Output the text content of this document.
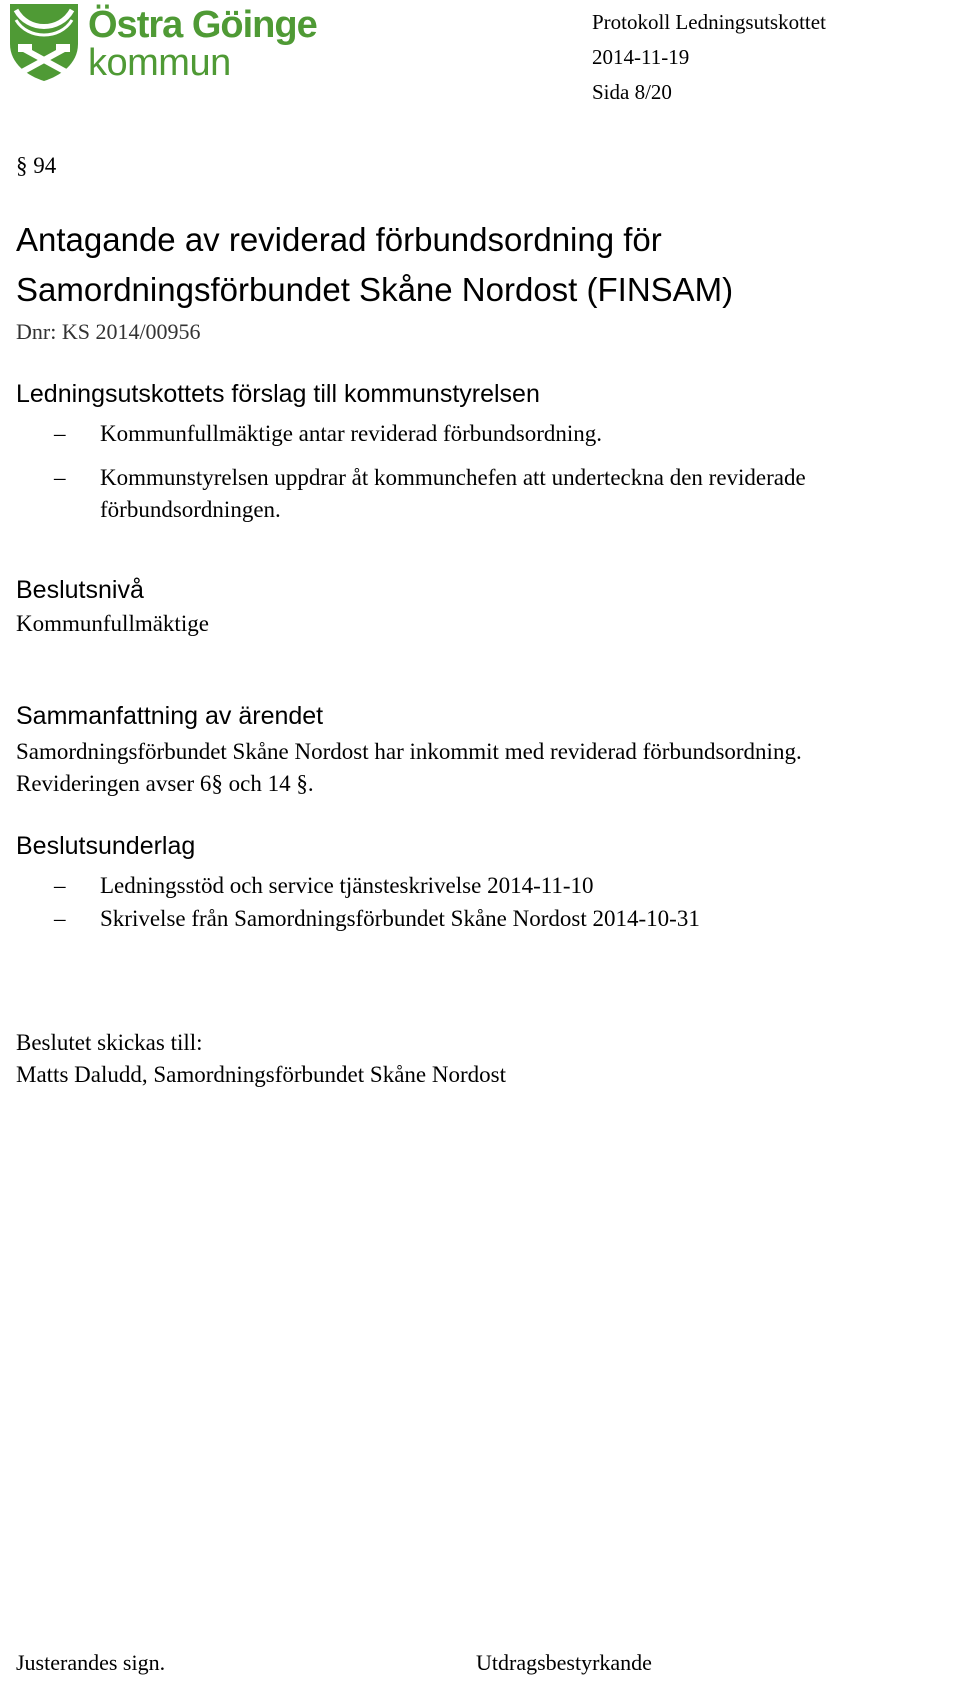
Östra Göinge
kommun
Protokoll Ledningsutskottet
2014-11-19
Sida 8/20
§ 94
Antagande av reviderad förbundsordning för
Samordningsförbundet Skåne Nordost (FINSAM)
Dnr: KS 2014/00956
Ledningsutskottets förslag till kommunstyrelsen
–	Kommunfullmäktige antar reviderad förbundsordning.
–	Kommunstyrelsen uppdrar åt kommunchefen att underteckna den reviderade förbundsordningen.
Beslutsnivå
Kommunfullmäktige
Sammanfattning av ärendet
Samordningsförbundet Skåne Nordost har inkommit med reviderad förbundsordning.
Revideringen avser 6§ och 14 §.
Beslutsunderlag
–	Ledningsstöd och service tjänsteskrivelse 2014-11-10
–	Skrivelse från Samordningsförbundet Skåne Nordost 2014-10-31
Beslutet skickas till:
Matts Daludd, Samordningsförbundet Skåne Nordost
Justerandes sign.	Utdragsbestyrkande
